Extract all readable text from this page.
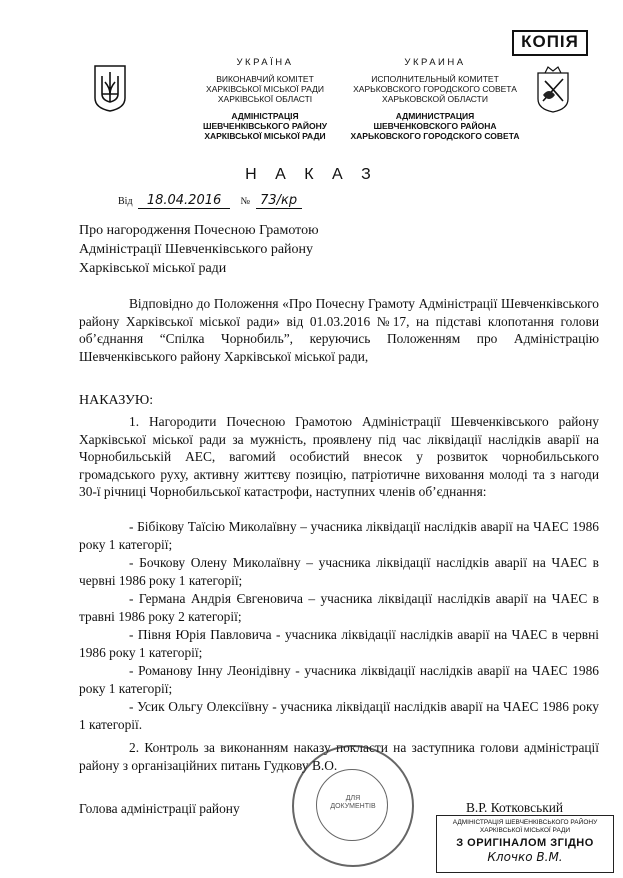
КОПІЯ
УКРАЇНА
ВИКОНАВЧИЙ КОМІТЕТ
ХАРКІВСЬКОЇ МІСЬКОЇ РАДИ
ХАРКІВСЬКОЇ ОБЛАСТІ
АДМІНІСТРАЦІЯ
ШЕВЧЕНКІВСЬКОГО РАЙОНУ
ХАРКІВСЬКОЇ МІСЬКОЇ РАДИ
УКРАИНА
ИСПОЛНИТЕЛЬНЫЙ КОМИТЕТ
ХАРЬКОВСКОГО ГОРОДСКОГО СОВЕТА
ХАРЬКОВСКОЙ ОБЛАСТИ
АДМИНИСТРАЦИЯ
ШЕВЧЕНКОВСКОГО РАЙОНА
ХАРЬКОВСКОГО ГОРОДСКОГО СОВЕТА
Н А К А З
Від 18.04.2016 № 73/кр
Про нагородження Почесною Грамотою
Адміністрації Шевченківського району
Харківської міської ради
Відповідно до Положення «Про Почесну Грамоту Адміністрації Шевченківського району Харківської міської ради» від 01.03.2016 №17, на підставі клопотання голови об’єднання “Спілка Чорнобиль”, керуючись Положенням про Адміністрацію Шевченківського району Харківської міської ради,
НАКАЗУЮ:
1. Нагородити Почесною Грамотою Адміністрації Шевченківського району Харківської міської ради за мужність, проявлену під час ліквідації наслідків аварії на Чорнобильській АЕС, вагомий особистий внесок у розвиток чорнобильського громадського руху, активну життєву позицію, патріотичне виховання молоді та з нагоди 30-ї річниці Чорнобильської катастрофи, наступних членів об’єднання:
- Бібікову Таїсію Миколаївну – учасника ліквідації наслідків аварії на ЧАЕС 1986 року 1 категорії;
- Бочкову Олену Миколаївну – учасника ліквідації наслідків аварії на ЧАЕС в червні 1986 року 1 категорії;
- Германа Андрія Євгеновича – учасника ліквідації наслідків аварії на ЧАЕС в травні 1986 року 2 категорії;
- Півня Юрія Павловича - учасника ліквідації наслідків аварії на ЧАЕС в червні 1986 року 1 категорії;
- Романову Інну Леонідівну - учасника ліквідації наслідків аварії на ЧАЕС 1986 року 1 категорії;
- Усик Ольгу Олексіївну - учасника ліквідації наслідків аварії на ЧАЕС 1986 року 1 категорії.
2. Контроль за виконанням наказу покласти на заступника голови адміністрації району з організаційних питань Гудкову В.О.
ДЛЯ
ДОКУМЕНТІВ
Голова адміністрації району	В.Р. Котковський
АДМІНІСТРАЦІЯ ШЕВЧЕНКІВСЬКОГО РАЙОНУ
ХАРКІВСЬКОЇ МІСЬКОЇ РАДИ
З ОРИГІНАЛОМ ЗГІДНО
Клочко В.М.
